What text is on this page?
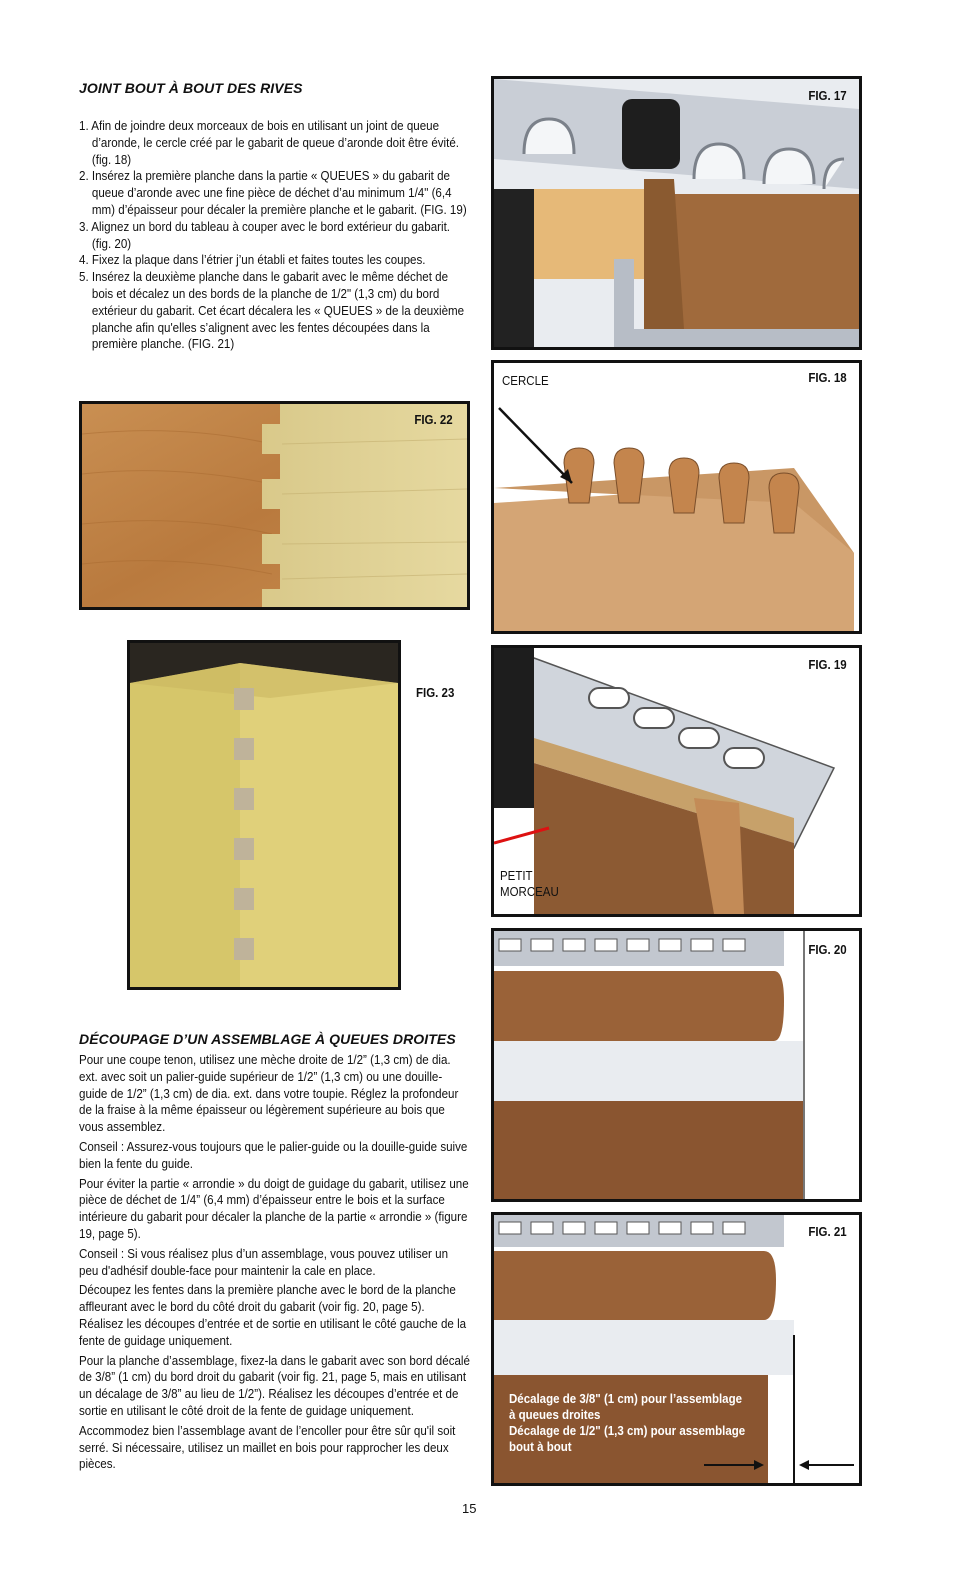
JOINT BOUT À BOUT DES RIVES
1. Afin de joindre deux morceaux de bois en utilisant un joint de queue d’aronde, le cercle créé par le gabarit de queue d’aronde doit être évité. (fig. 18)
2. Insérez la première planche dans la partie « QUEUES » du gabarit de queue d’aronde avec une fine pièce de déchet d’au minimum 1/4" (6,4 mm) d’épaisseur pour décaler la première planche et le gabarit. (FIG. 19)
3. Alignez un bord du tableau à couper avec le bord extérieur du gabarit. (fig. 20)
4. Fixez la plaque dans l’étrier j’un établi et faites toutes les coupes.
5. Insérez la deuxième planche dans le gabarit avec le même déchet de bois et décalez un des bords de la planche de 1/2" (1,3 cm) du bord extérieur du gabarit. Cet écart décalera les « QUEUES » de la deuxième planche afin qu'elles s’alignent avec les fentes découpées dans la première planche. (FIG. 21)
FIG. 22
FIG. 23
DÉCOUPAGE D’UN ASSEMBLAGE À QUEUES DROITES

Pour une coupe tenon, utilisez une mèche droite de 1/2” (1,3 cm) de dia. ext. avec soit un palier-guide supérieur de 1/2” (1,3 cm) ou une douille-guide de 1/2” (1,3 cm) de dia. ext. dans votre toupie. Réglez la profondeur de la fraise à la même épaisseur ou légèrement supérieure au bois que vous assemblez.

Conseil : Assurez-vous toujours que le palier-guide ou la douille-guide suive bien la fente du guide.

Pour éviter la partie « arrondie » du doigt de guidage du gabarit, utilisez une pièce de déchet de 1/4” (6,4 mm) d’épaisseur entre le bois et la surface intérieure du gabarit pour décaler la planche de la partie « arrondie » (figure 19, page 5).

Conseil : Si vous réalisez plus d’un assemblage, vous pouvez utiliser un peu d'adhésif double-face pour maintenir la cale en place.

Découpez les fentes dans la première planche avec le bord de la planche affleurant avec le bord du côté droit du gabarit (voir fig. 20, page 5). Réalisez les découpes d’entrée et de sortie en utilisant le côté gauche de la fente de guidage uniquement.

Pour la planche d’assemblage, fixez-la dans le gabarit avec son bord décalé de 3/8” (1 cm) du bord droit du gabarit (voir fig. 21, page 5, mais en utilisant un décalage de 3/8” au lieu de 1/2”). Réalisez les découpes d’entrée et de sortie en utilisant le côté droit de la fente de guidage uniquement.

Accommodez bien l’assemblage avant de l’encoller pour être sûr qu'il soit serré. Si nécessaire, utilisez un maillet en bois pour rapprocher les deux pièces.

FIG. 17
CERCLE	FIG. 18
PETIT
MORCEAU
FIG. 19
FIG. 20
Décalage de 3/8" (1 cm) pour l’assemblage
à queues droites
Décalage de 1/2" (1,3 cm) pour assemblage
bout à bout
FIG. 21
15
